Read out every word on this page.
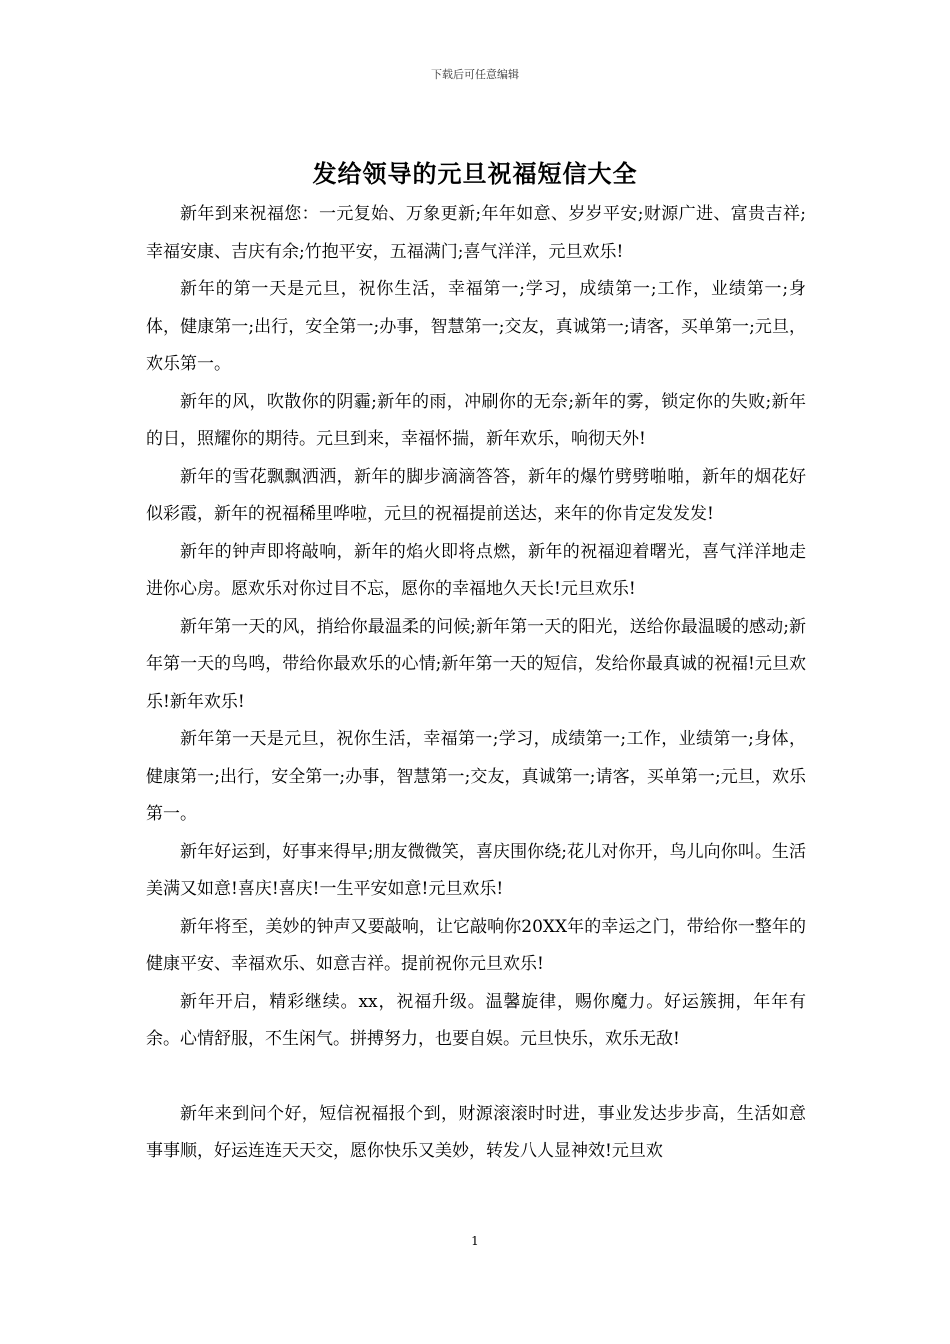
下载后可任意编辑
发给领导的元旦祝福短信大全

新年到来祝福您：一元复始、万象更新;年年如意、岁岁平安;财源广进、富贵吉祥;幸福安康、吉庆有余;竹抱平安，五福满门;喜气洋洋，元旦欢乐!

新年的第一天是元旦，祝你生活，幸福第一;学习，成绩第一;工作，业绩第一;身体，健康第一;出行，安全第一;办事，智慧第一;交友，真诚第一;请客，买单第一;元旦，欢乐第一。

新年的风，吹散你的阴霾;新年的雨，冲刷你的无奈;新年的雾，锁定你的失败;新年的日，照耀你的期待。元旦到来，幸福怀揣，新年欢乐，响彻天外!

新年的雪花飘飘洒洒，新年的脚步滴滴答答，新年的爆竹劈劈啪啪，新年的烟花好似彩霞，新年的祝福稀里哗啦，元旦的祝福提前送达，来年的你肯定发发发!

新年的钟声即将敲响，新年的焰火即将点燃，新年的祝福迎着曙光，喜气洋洋地走进你心房。愿欢乐对你过目不忘，愿你的幸福地久天长!元旦欢乐!

新年第一天的风，捎给你最温柔的问候;新年第一天的阳光，送给你最温暖的感动;新年第一天的鸟鸣，带给你最欢乐的心情;新年第一天的短信，发给你最真诚的祝福!元旦欢乐!新年欢乐!

新年第一天是元旦，祝你生活，幸福第一;学习，成绩第一;工作，业绩第一;身体，健康第一;出行，安全第一;办事，智慧第一;交友，真诚第一;请客，买单第一;元旦，欢乐第一。

新年好运到，好事来得早;朋友微微笑，喜庆围你绕;花儿对你开，鸟儿向你叫。生活美满又如意!喜庆!喜庆!一生平安如意!元旦欢乐!

新年将至，美妙的钟声又要敲响，让它敲响你20XX年的幸运之门，带给你一整年的健康平安、幸福欢乐、如意吉祥。提前祝你元旦欢乐!

新年开启，精彩继续。xx，祝福升级。温馨旋律，赐你魔力。好运簇拥，年年有余。心情舒服，不生闲气。拼搏努力，也要自娱。元旦快乐，欢乐无敌!

新年来到问个好，短信祝福报个到，财源滚滚时时进，事业发达步步高，生活如意事事顺，好运连连天天交，愿你快乐又美妙，转发八人显神效!元旦欢

1
